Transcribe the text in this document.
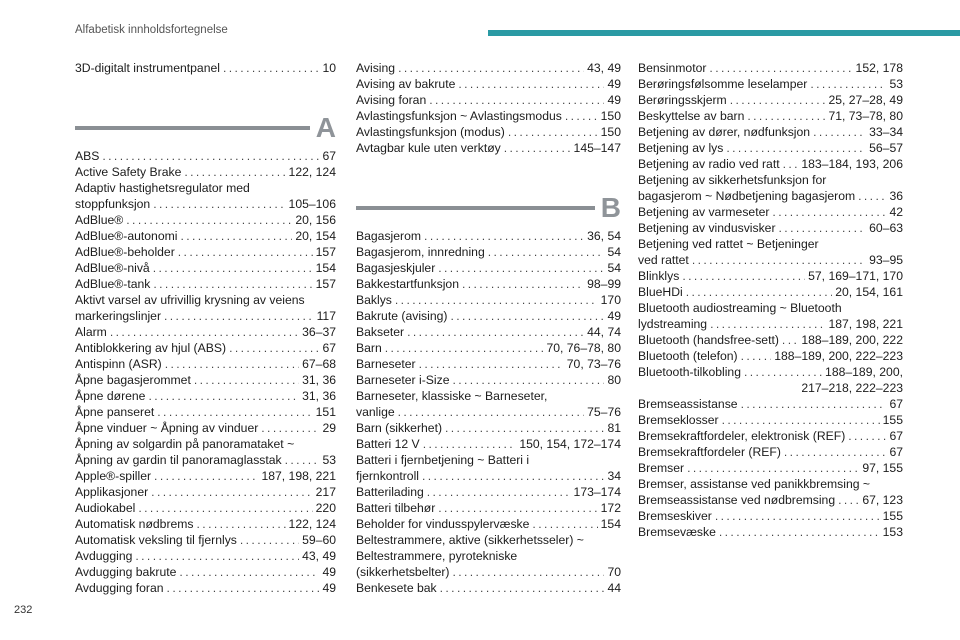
Alfabetisk innholdsfortegnelse
3D-digitalt instrumentpanel . . .	10
A
ABS . . .	67
Active Safety Brake . . .	122, 124
Adaptiv hastighetsregulator med
stoppfunksjon . . .	105–106
AdBlue® . . .	20, 156
AdBlue®-autonomi . . .	20, 154
AdBlue®-beholder . . .	157
AdBlue®-nivå . . .	154
AdBlue®-tank . . .	157
Aktivt varsel av ufrivillig krysning av veiens
markeringslinjer . . .	117
Alarm . . .	36–37
Antiblokkering av hjul (ABS) . . .	67
Antispinn (ASR) . . .	67–68
Åpne bagasjerommet . . .	31, 36
Åpne dørene . . .	31, 36
Åpne panseret . . .	151
Åpne vinduer ~ Åpning av vinduer . . .	29
Åpning av solgardin på panoramataket ~
Åpning av gardin til panoramaglasstak . . .	53
Apple®-spiller . . .	187, 198, 221
Applikasjoner . . .	217
Audiokabel . . .	220
Automatisk nødbrems . . .	122, 124
Automatisk veksling til fjernlys . . .	59–60
Avdugging . . .	43, 49
Avdugging bakrute . . .	49
Avdugging foran . . .	49
Avising . . .	43, 49
Avising av bakrute . . .	49
Avising foran . . .	49
Avlastingsfunksjon ~ Avlastingsmodus . . .	150
Avlastingsfunksjon (modus) . . .	150
Avtagbar kule uten verktøy . . .	145–147
B
Bagasjerom . . .	36, 54
Bagasjerom, innredning . . .	54
Bagasjeskjuler . . .	54
Bakkestartfunksjon . . .	98–99
Baklys . . .	170
Bakrute (avising) . . .	49
Bakseter . . .	44, 74
Barn . . .	70, 76–78, 80
Barneseter . . .	70, 73–76
Barneseter i-Size . . .	80
Barneseter, klassiske ~ Barneseter,
vanlige . . .	75–76
Barn (sikkerhet) . . .	81
Batteri 12 V . . .	150, 154, 172–174
Batteri i fjernbetjening ~ Batteri i
fjernkontroll . . .	34
Batterilading . . .	173–174
Batteri tilbehør . . .	172
Beholder for vindusspylervæske . . .	154
Beltestrammere, aktive (sikkerhetsseler) ~
Beltestrammere, pyrotekniske
(sikkerhetsbelter) . . .	70
Benkesete bak . . .	44
Bensinmotor . . .	152, 178
Berøringsfølsomme leselamper . . .	53
Berøringsskjerm . . .	25, 27–28, 49
Beskyttelse av barn . . .	71, 73–78, 80
Betjening av dører, nødfunksjon . . .	33–34
Betjening av lys . . .	56–57
Betjening av radio ved ratt . . . 183–184, 193, 206
Betjening av sikkerhetsfunksjon for
bagasjerom ~ Nødbetjening bagasjerom . . .	36
Betjening av varmeseter . . .	42
Betjening av vindusvisker . . .	60–63
Betjening ved rattet ~ Betjeninger
ved rattet . . .	93–95
Blinklys . . .	57, 169–171, 170
BlueHDi . . .	20, 154, 161
Bluetooth audiostreaming ~ Bluetooth
lydstreaming . . .	187, 198, 221
Bluetooth (handsfree-sett) . . . 188–189, 200, 222
Bluetooth (telefon) . . .	188–189, 200, 222–223
Bluetooth-tilkobling . . .	188–189, 200,
217–218, 222–223
Bremseassistanse . . .	67
Bremseklosser . . .	155
Bremsekraftfordeler, elektronisk (REF) . . .	67
Bremsekraftfordeler (REF) . . .	67
Bremser . . .	97, 155
Bremser, assistanse ved panikkbremsing ~
Bremseassistanse ved nødbremsing . . . 67, 123
Bremseskiver . . .	155
Bremsevæske . . .	153
232
